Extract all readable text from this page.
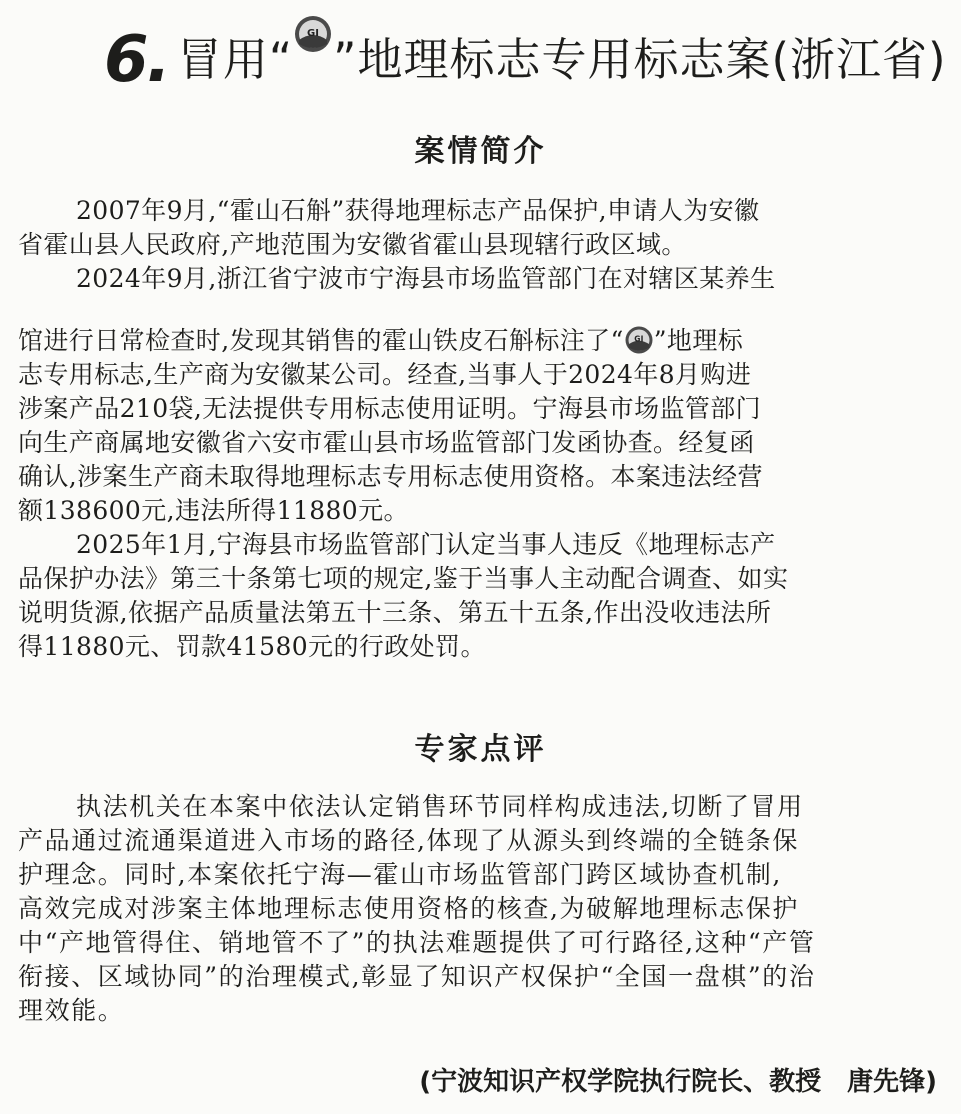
6. 冒用“ GI ”地理标志专用标志案(浙江省)
案情简介
2007年9月,“霍山石斛”获得地理标志产品保护,申请人为安徽
省霍山县人民政府,产地范围为安徽省霍山县现辖行政区域。
2024年9月,浙江省宁波市宁海县市场监管部门在对辖区某养生
馆进行日常检查时,发现其销售的霍山铁皮石斛标注了“ GI ”地理标
志专用标志,生产商为安徽某公司。经查,当事人于2024年8月购进
涉案产品210袋,无法提供专用标志使用证明。宁海县市场监管部门
向生产商属地安徽省六安市霍山县市场监管部门发函协查。经复函
确认,涉案生产商未取得地理标志专用标志使用资格。本案违法经营
额138600元,违法所得11880元。
2025年1月,宁海县市场监管部门认定当事人违反《地理标志产
品保护办法》第三十条第七项的规定,鉴于当事人主动配合调查、如实
说明货源,依据产品质量法第五十三条、第五十五条,作出没收违法所
得11880元、罚款41580元的行政处罚。
专家点评
执法机关在本案中依法认定销售环节同样构成违法,切断了冒用
产品通过流通渠道进入市场的路径,体现了从源头到终端的全链条保
护理念。同时,本案依托宁海—霍山市场监管部门跨区域协查机制,
高效完成对涉案主体地理标志使用资格的核查,为破解地理标志保护
中“产地管得住、销地管不了”的执法难题提供了可行路径,这种“产管
衔接、区域协同”的治理模式,彰显了知识产权保护“全国一盘棋”的治
理效能。
(宁波知识产权学院执行院长、教授　唐先锋)
